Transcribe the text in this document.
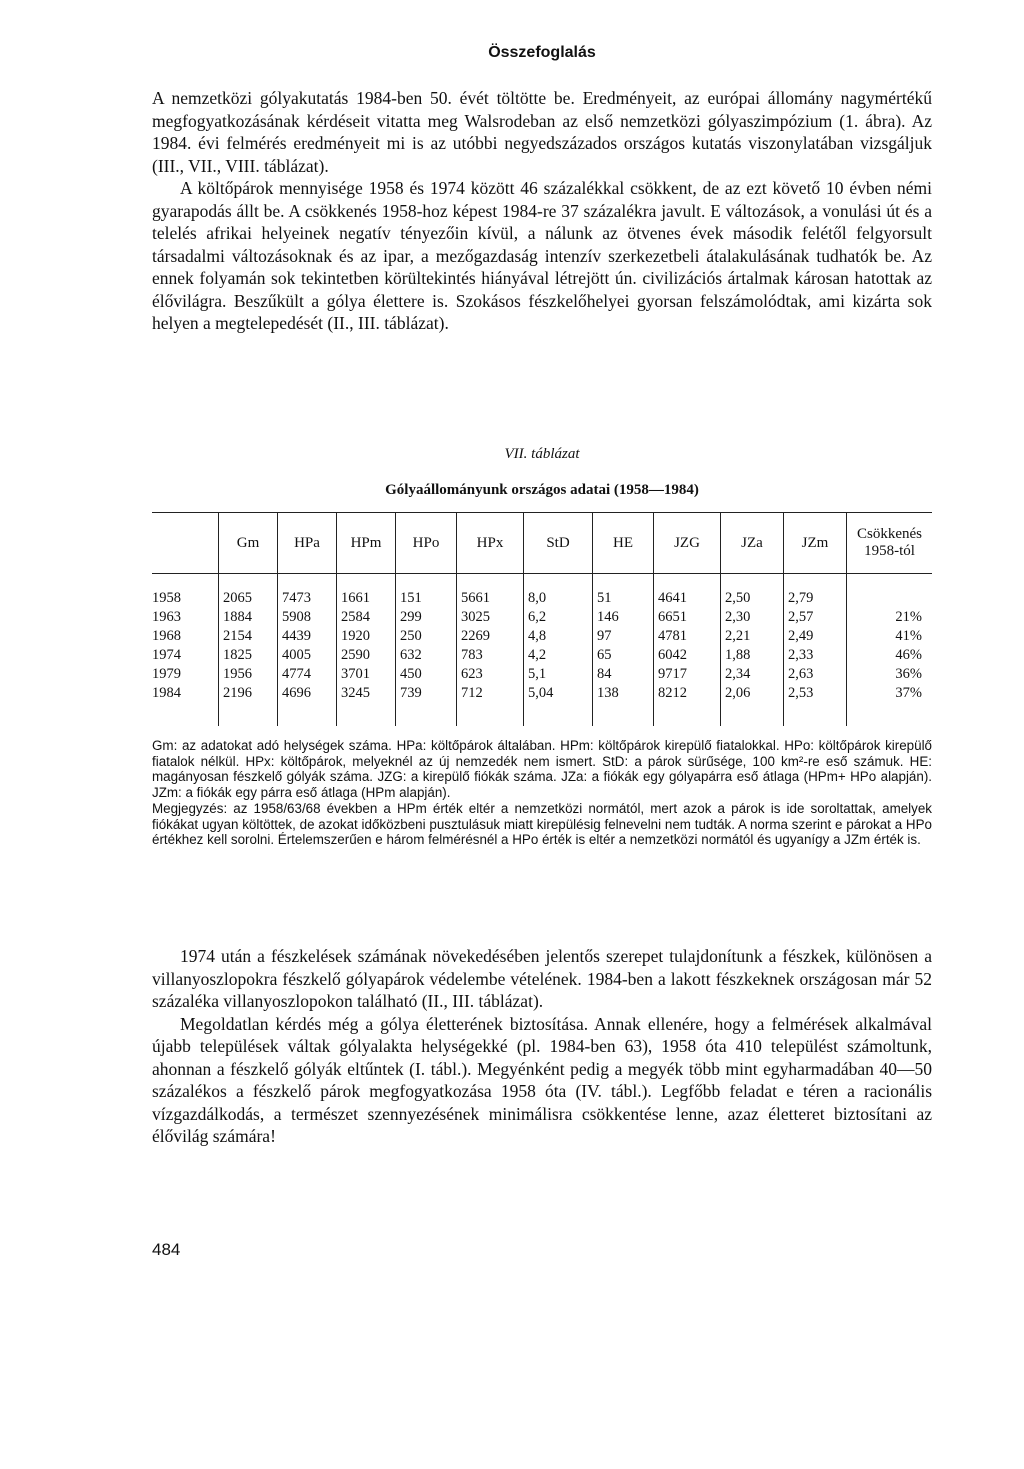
Összefoglalás

A nemzetközi gólyakutatás 1984-ben 50. évét töltötte be. Eredményeit, az európai állomány nagymértékű megfogyatkozásának kérdéseit vitatta meg Walsrodeban az első nemzetközi gólyaszimpózium (1. ábra). Az 1984. évi felmérés eredményeit mi is az utóbbi negyedszázados országos kutatás viszonylatában vizsgáljuk (III., VII., VIII. táblázat).

A költőpárok mennyisége 1958 és 1974 között 46 százalékkal csökkent, de az ezt követő 10 évben némi gyarapodás állt be. A csökkenés 1958-hoz képest 1984-re 37 százalékra javult. E változások, a vonulási út és a telelés afrikai helyeinek negatív tényezőin kívül, a nálunk az ötvenes évek második felétől felgyorsult társadalmi változásoknak és az ipar, a mezőgazdaság intenzív szerkezetbeli átalakulásának tudhatók be. Az ennek folyamán sok tekintetben körültekintés hiányával létrejött ún. civilizációs ártalmak károsan hatottak az élővilágra. Beszűkült a gólya élettere is. Szokásos fészkelőhelyei gyorsan felszámolódtak, ami kizárta sok helyen a megtelepedését (II., III. táblázat).

VII. táblázat
Gólyaállományunk országos adatai (1958—1984)
	Gm	HPa	HPm	HPo	HPx	StD	HE	JZG	JZa	JZm	Csökkenés 1958-tól

1958	2065	7473	1661	151	5661	8,0	51	4641	2,50	2,79	
1963	1884	5908	2584	299	3025	6,2	146	6651	2,30	2,57	21%
1968	2154	4439	1920	250	2269	4,8	97	4781	2,21	2,49	41%
1974	1825	4005	2590	632	783	4,2	65	6042	1,88	2,33	46%
1979	1956	4774	3701	450	623	5,1	84	9717	2,34	2,63	36%
1984	2196	4696	3245	739	712	5,04	138	8212	2,06	2,53	37%

Gm: az adatokat adó helységek száma. HPa: költőpárok általában. HPm: költőpárok kirepülő fiatalokkal. HPo: költőpárok kirepülő fiatalok nélkül. HPx: költőpárok, melyeknél az új nemzedék nem ismert. StD: a párok sürűsége, 100 km²-re eső számuk. HE: magányosan fészkelő gólyák száma. JZG: a kirepülő fiókák száma. JZa: a fiókák egy gólyapárra eső átlaga (HPm+ HPo alapján). JZm: a fiókák egy párra eső átlaga (HPm alapján).

Megjegyzés: az 1958/63/68 években a HPm érték eltér a nemzetközi normától, mert azok a párok is ide soroltattak, amelyek fiókákat ugyan költöttek, de azokat időközbeni pusztulásuk miatt kirepülésig felnevelni nem tudták. A norma szerint e párokat a HPo értékhez kell sorolni. Értelemszerűen e három felmérésnél a HPo érték is eltér a nemzetközi normától és ugyanígy a JZm érték is.

1974 után a fészkelések számának növekedésében jelentős szerepet tulajdonítunk a fészkek, különösen a villanyoszlopokra fészkelő gólyapárok védelembe vételének. 1984-ben a lakott fészkeknek országosan már 52 százaléka villanyoszlopokon található (II., III. táblázat).

Megoldatlan kérdés még a gólya életterének biztosítása. Annak ellenére, hogy a felmérések alkalmával újabb települések váltak gólyalakta helységekké (pl. 1984-ben 63), 1958 óta 410 települést számoltunk, ahonnan a fészkelő gólyák eltűntek (I. tábl.). Megyénként pedig a megyék több mint egyharmadában 40—50 százalékos a fészkelő párok megfogyatkozása 1958 óta (IV. tábl.). Legfőbb feladat e téren a racionális vízgazdálkodás, a természet szennyezésének minimálisra csökkentése lenne, azaz életteret biztosítani az élővilág számára!

484
